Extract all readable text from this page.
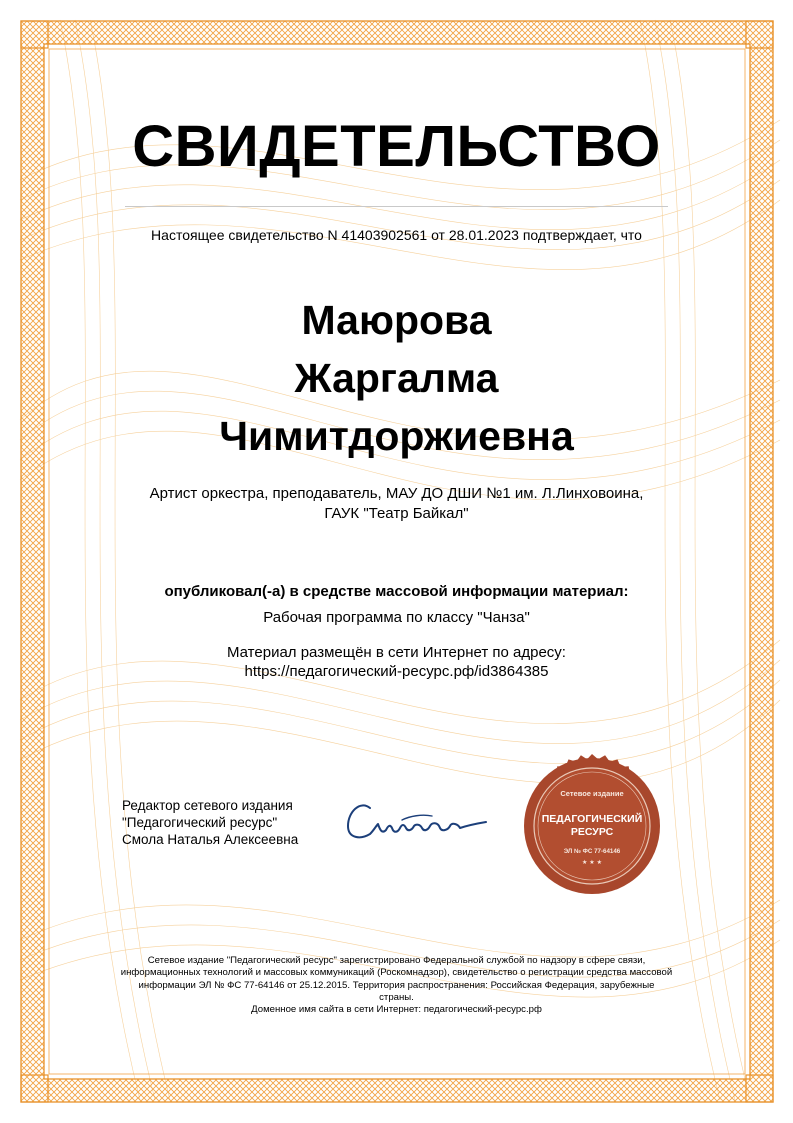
СВИДЕТЕЛЬСТВО
Настоящее свидетельство N 41403902561 от 28.01.2023 подтверждает, что
Маюрова
Жаргалма
Чимитдоржиевна
Артист оркестра, преподаватель, МАУ ДО ДШИ №1 им. Л.Линховоина,
ГАУК "Театр Байкал"
опубликовал(-а) в средстве массовой информации материал:
Рабочая программа по классу "Чанза"
Материал размещён в сети Интернет по адресу:
https://педагогический-ресурс.рф/id3864385
Редактор сетевого издания
"Педагогический ресурс"
Смола Наталья Алексеевна
Сетевое издание
ПЕДАГОГИЧЕСКИЙ
РЕСУРС
ЭЛ № ФС 77-64146
★ ★ ★
Сетевое издание "Педагогический ресурс" зарегистрировано Федеральной службой по надзору в сфере связи, информационных технологий и массовых коммуникаций (Роскомнадзор), свидетельство о регистрации средства массовой информации ЭЛ № ФС 77-64146 от 25.12.2015. Территория распространения: Российская Федерация, зарубежные страны.
Доменное имя сайта в сети Интернет: педагогический-ресурс.рф
